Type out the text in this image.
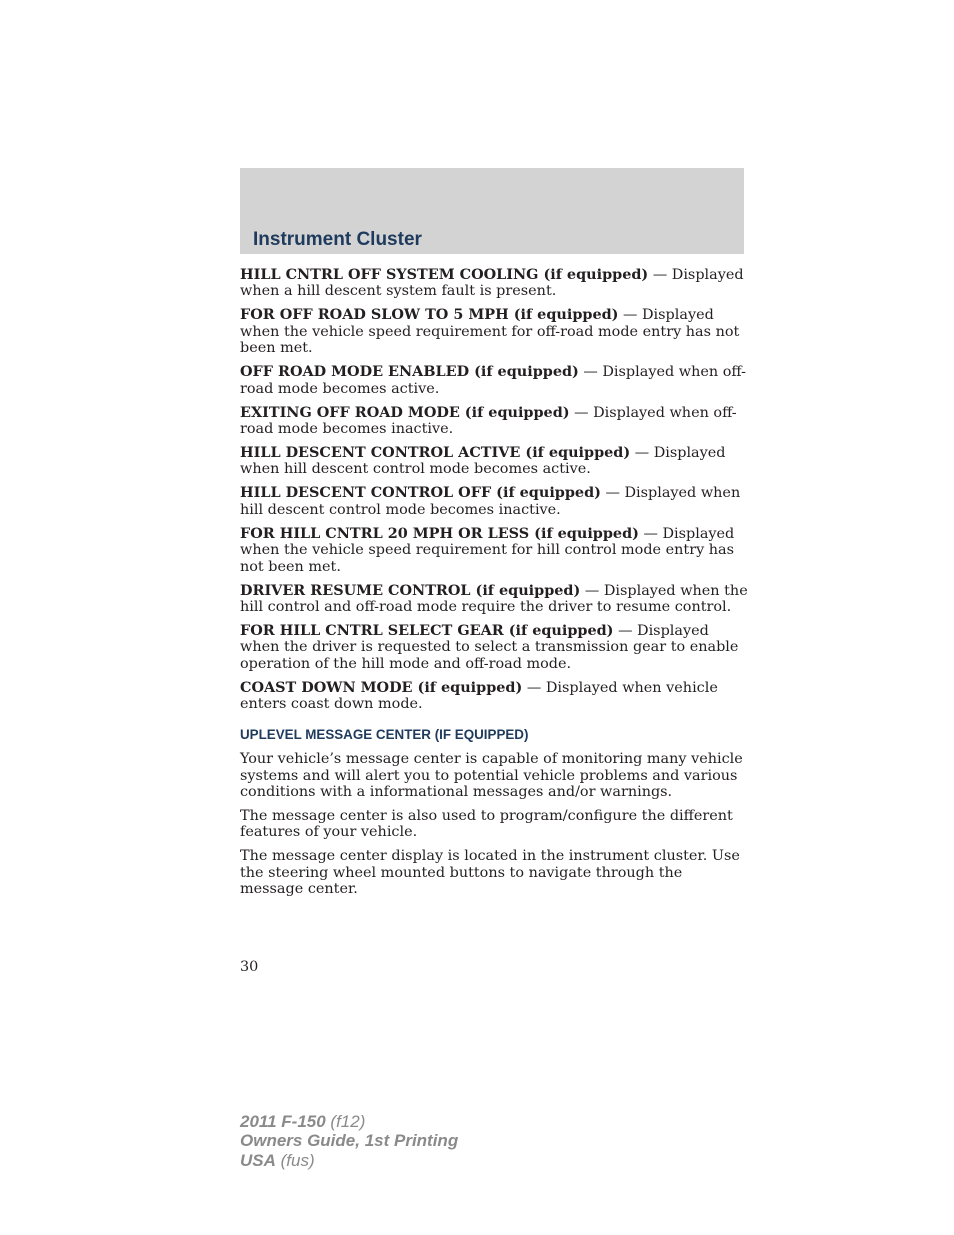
Instrument Cluster

HILL CNTRL OFF SYSTEM COOLING (if equipped) — Displayed when a hill descent system fault is present.

FOR OFF ROAD SLOW TO 5 MPH (if equipped) — Displayed when the vehicle speed requirement for off-road mode entry has not been met.

OFF ROAD MODE ENABLED (if equipped) — Displayed when off-road mode becomes active.

EXITING OFF ROAD MODE (if equipped) — Displayed when off-road mode becomes inactive.

HILL DESCENT CONTROL ACTIVE (if equipped) — Displayed when hill descent control mode becomes active.

HILL DESCENT CONTROL OFF (if equipped) — Displayed when hill descent control mode becomes inactive.

FOR HILL CNTRL 20 MPH OR LESS (if equipped) — Displayed when the vehicle speed requirement for hill control mode entry has not been met.

DRIVER RESUME CONTROL (if equipped) — Displayed when the hill control and off-road mode require the driver to resume control.

FOR HILL CNTRL SELECT GEAR (if equipped) — Displayed when the driver is requested to select a transmission gear to enable operation of the hill mode and off-road mode.

COAST DOWN MODE (if equipped) — Displayed when vehicle enters coast down mode.

UPLEVEL MESSAGE CENTER (IF EQUIPPED)

Your vehicle’s message center is capable of monitoring many vehicle systems and will alert you to potential vehicle problems and various conditions with a informational messages and/or warnings.

The message center is also used to program/configure the different features of your vehicle.

The message center display is located in the instrument cluster. Use the steering wheel mounted buttons to navigate through the message center.

30
2011 F-150 (f12)
Owners Guide, 1st Printing
USA (fus)
